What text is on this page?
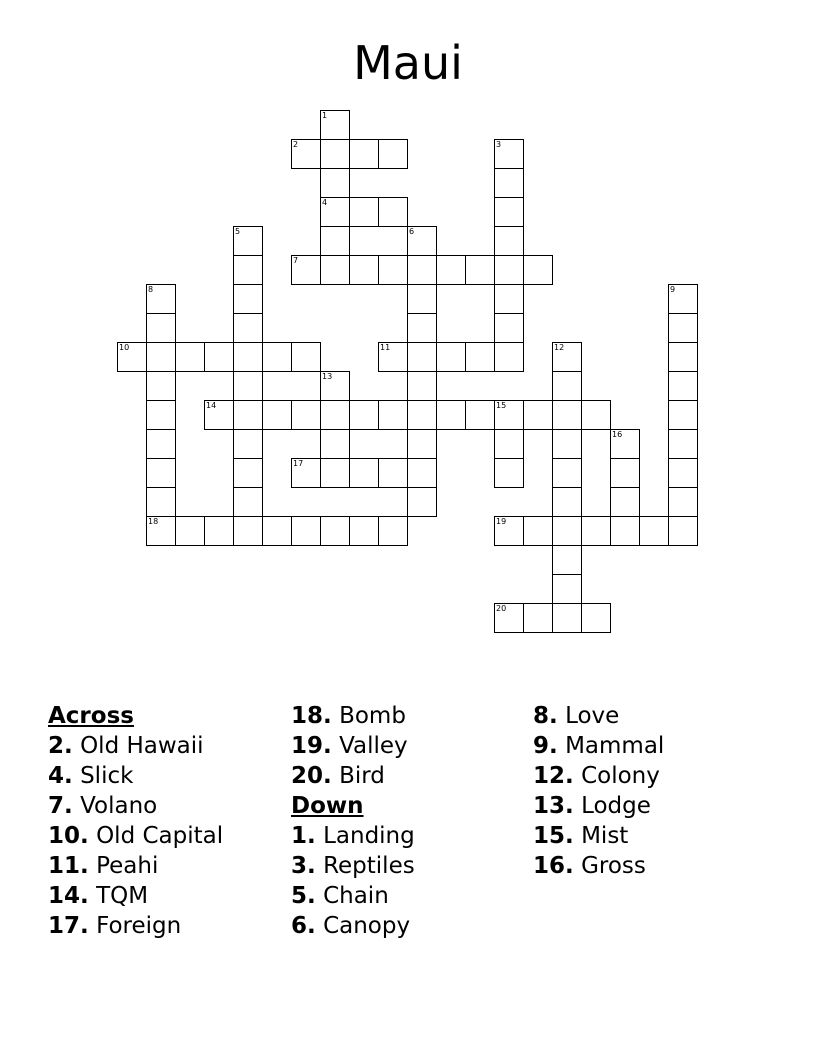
Maui
2
4
7
10	11
14	15
17
18	19
20
1
3
5	6
8	9
12
13
16
Across
2. Old Hawaii
4. Slick
7. Volano
10. Old Capital
11. Peahi
14. TQM
17. Foreign
18. Bomb
19. Valley
20. Bird
Down
1. Landing
3. Reptiles
5. Chain
6. Canopy
8. Love
9. Mammal
12. Colony
13. Lodge
15. Mist
16. Gross
